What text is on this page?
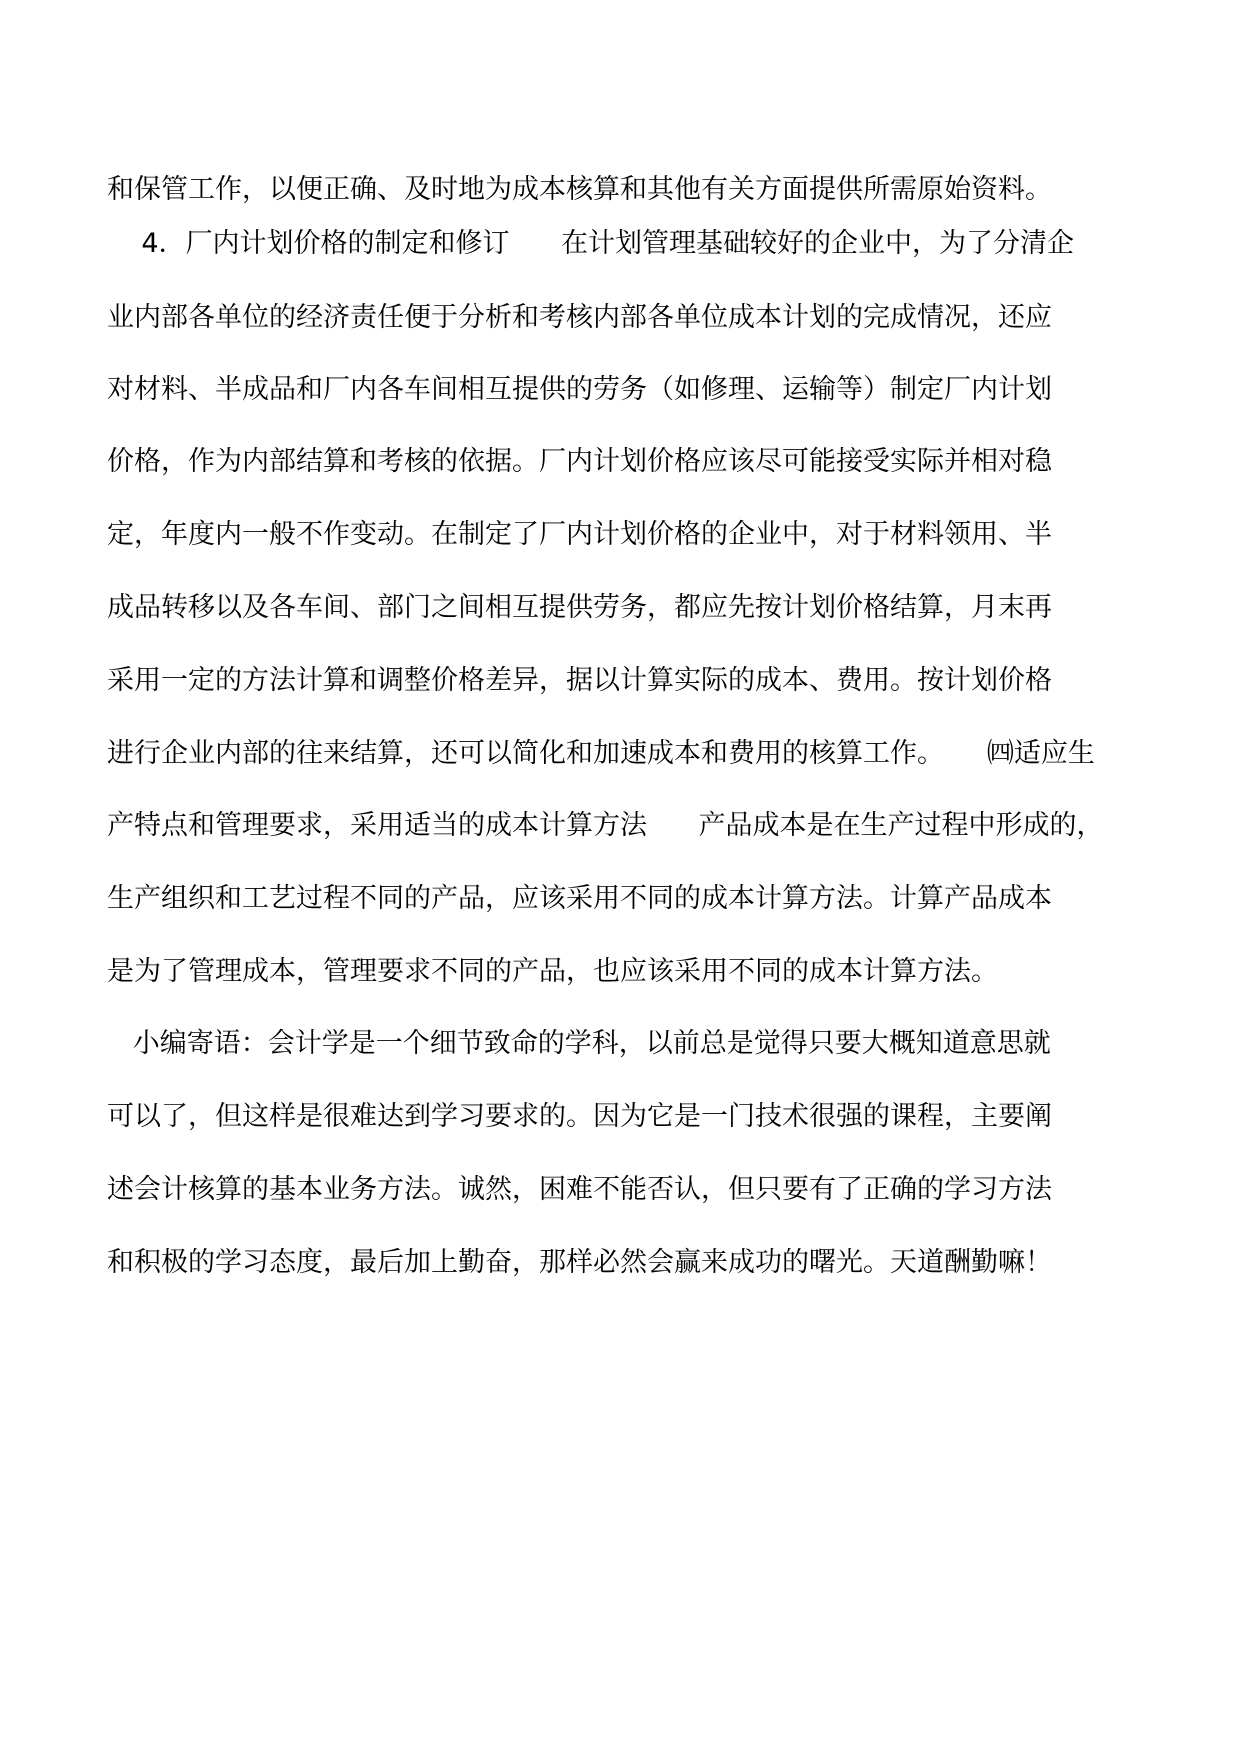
和保管工作，以便正确、及时地为成本核算和其他有关方面提供所需原始资料。
4．厂内计划价格的制定和修订      在计划管理基础较好的企业中，为了分清企
业内部各单位的经济责任便于分析和考核内部各单位成本计划的完成情况，还应
对材料、半成品和厂内各车间相互提供的劳务（如修理、运输等）制定厂内计划
价格，作为内部结算和考核的依据。厂内计划价格应该尽可能接受实际并相对稳
定，年度内一般不作变动。在制定了厂内计划价格的企业中，对于材料领用、半
成品转移以及各车间、部门之间相互提供劳务，都应先按计划价格结算，月末再
采用一定的方法计算和调整价格差异，据以计算实际的成本、费用。按计划价格
进行企业内部的往来结算，还可以简化和加速成本和费用的核算工作。     ㈣适应生
产特点和管理要求，采用适当的成本计算方法      产品成本是在生产过程中形成的，
生产组织和工艺过程不同的产品，应该采用不同的成本计算方法。计算产品成本
是为了管理成本，管理要求不同的产品，也应该采用不同的成本计算方法。
小编寄语：会计学是一个细节致命的学科，以前总是觉得只要大概知道意思就
可以了，但这样是很难达到学习要求的。因为它是一门技术很强的课程，主要阐
述会计核算的基本业务方法。诚然，困难不能否认，但只要有了正确的学习方法
和积极的学习态度，最后加上勤奋，那样必然会赢来成功的曙光。天道酬勤嘛！
